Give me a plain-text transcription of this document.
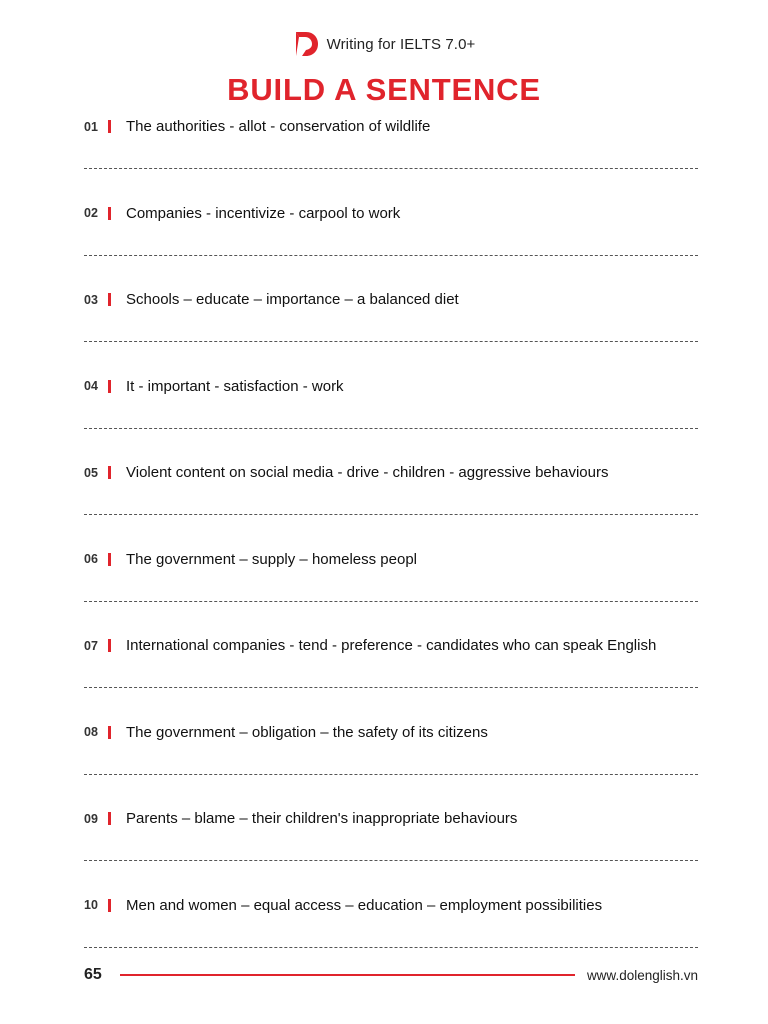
Writing for IELTS 7.0+
BUILD A SENTENCE
01	The authorities - allot - conservation of wildlife
02	Companies - incentivize - carpool to work
03	Schools – educate – importance – a balanced diet
04	It - important - satisfaction - work
05	Violent content on social media - drive - children - aggressive behaviours
06	The government – supply – homeless peopl
07	International companies - tend - preference - candidates who can speak English
08	The government – obligation – the safety of its citizens
09	Parents – blame – their children's inappropriate behaviours
10	Men and women – equal access – education – employment possibilities
65	www.dolenglish.vn
